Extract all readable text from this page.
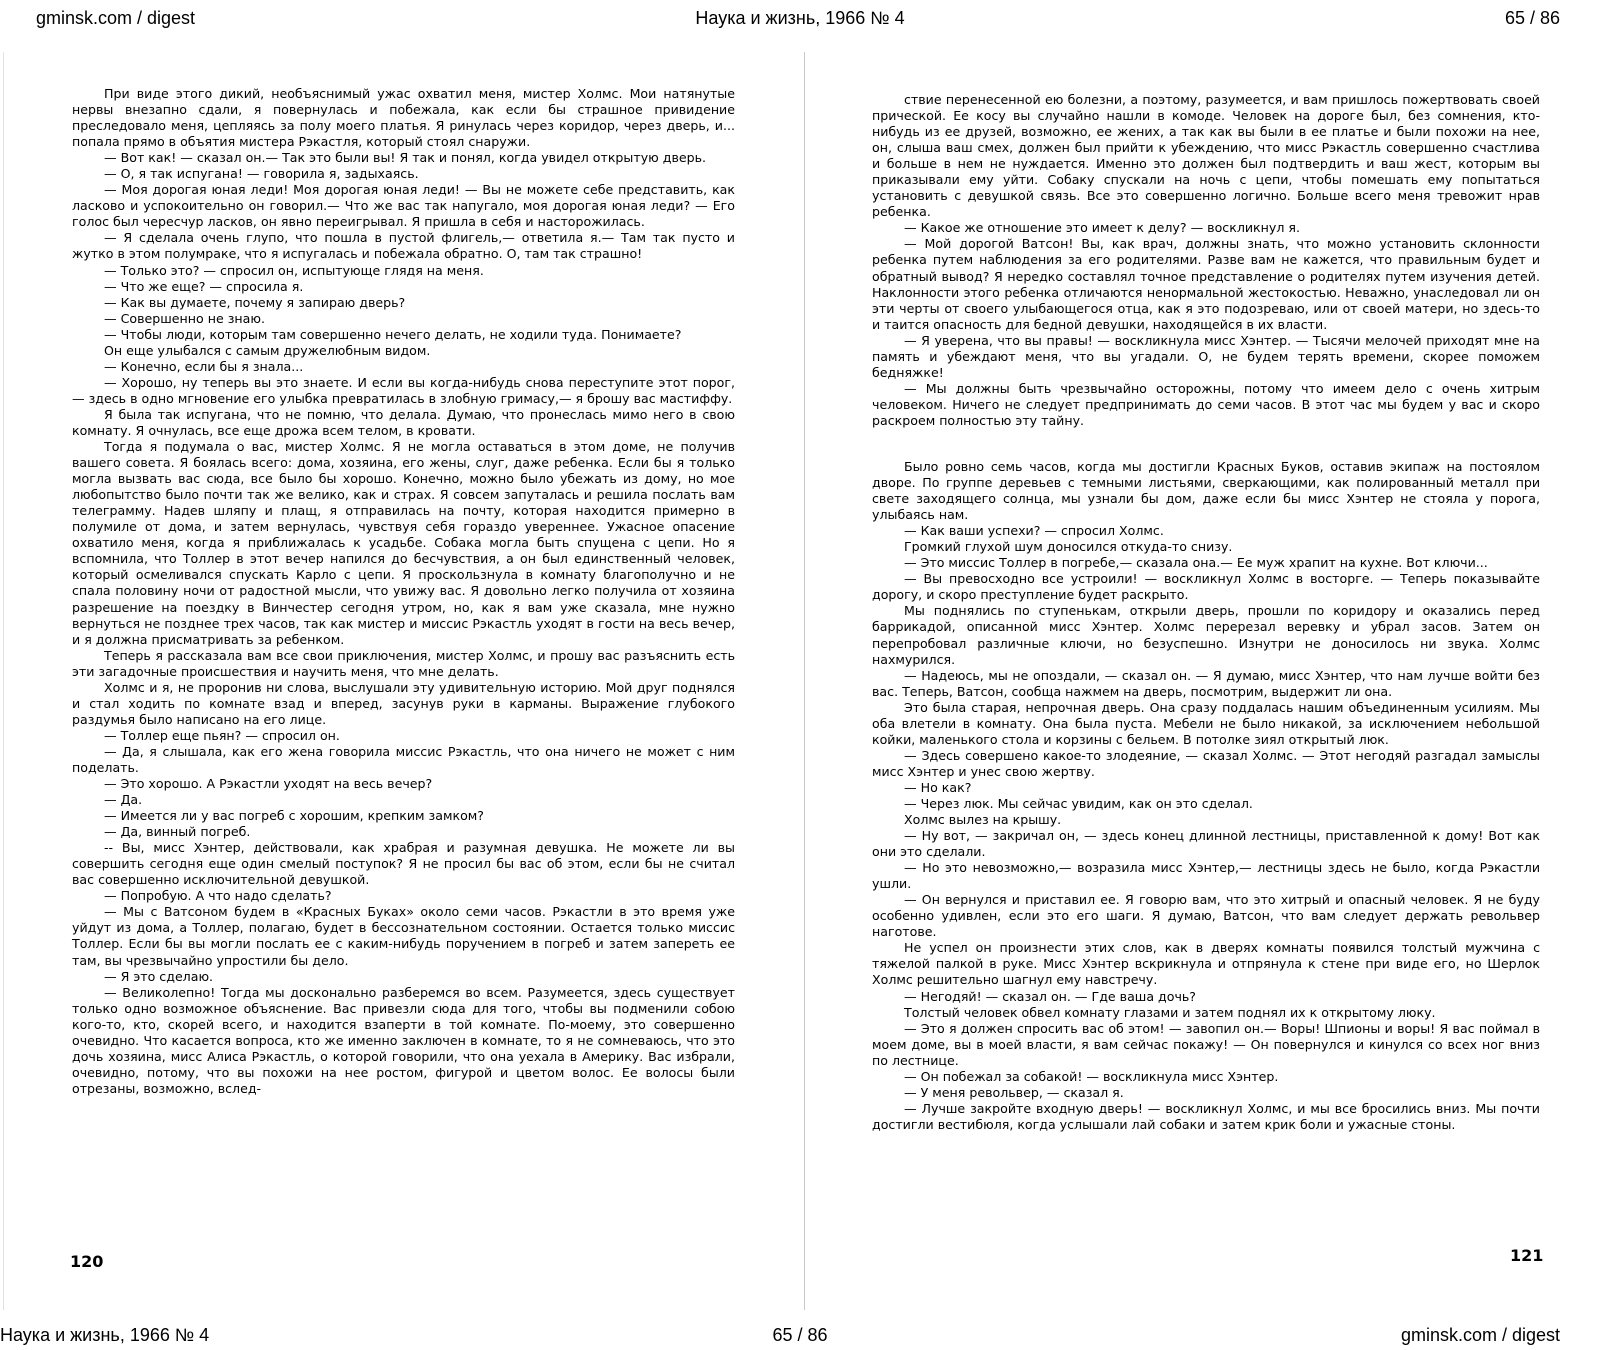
gminsk.com / digest	Наука и жизнь, 1966 № 4	65 / 86

При виде этого дикий, необъяснимый ужас охватил меня, мистер Холмс. Мои натянутые нервы внезапно сдали, я повернулась и побежала, как если бы страшное привидение преследовало меня, цепляясь за полу моего платья. Я ринулась через коридор, через дверь, и... попала прямо в объятия мистера Рэкастля, который стоял снаружи.

— Вот как! — сказал он.— Так это были вы! Я так и понял, когда увидел открытую дверь.

— О, я так испугана! — говорила я, задыхаясь.

— Моя дорогая юная леди! Моя дорогая юная леди! — Вы не можете себе представить, как ласково и успокоительно он говорил.— Что же вас так напугало, моя дорогая юная леди? — Его голос был чересчур ласков, он явно переигрывал. Я пришла в себя и насторожилась.

— Я сделала очень глупо, что пошла в пустой флигель,— ответила я.— Там так пусто и жутко в этом полумраке, что я испугалась и побежала обратно. О, там так страшно!

— Только это? — спросил он, испытующе глядя на меня.

— Что же еще? — спросила я.

— Как вы думаете, почему я запираю дверь?

— Совершенно не знаю.

— Чтобы люди, которым там совершенно нечего делать, не ходили туда. Понимаете?

Он еще улыбался с самым дружелюбным видом.

— Конечно, если бы я знала...

— Хорошо, ну теперь вы это знаете. И если вы когда-нибудь снова переступите этот порог, — здесь в одно мгновение его улыбка превратилась в злобную гримасу,— я брошу вас мастиффу.

Я была так испугана, что не помню, что делала. Думаю, что пронеслась мимо него в свою комнату. Я очнулась, все еще дрожа всем телом, в кровати.

Тогда я подумала о вас, мистер Холмс. Я не могла оставаться в этом доме, не получив вашего совета. Я боялась всего: дома, хозяина, его жены, слуг, даже ребенка. Если бы я только могла вызвать вас сюда, все было бы хорошо. Конечно, можно было убежать из дому, но мое любопытство было почти так же велико, как и страх. Я совсем запуталась и решила послать вам телеграмму. Надев шляпу и плащ, я отправилась на почту, которая находится примерно в полумиле от дома, и затем вернулась, чувствуя себя гораздо увереннее. Ужасное опасение охватило меня, когда я приближалась к усадьбе. Собака могла быть спущена с цепи. Но я вспомнила, что Толлер в этот вечер напился до бесчувствия, а он был единственный человек, который осмеливался спускать Карло с цепи. Я проскользнула в комнату благополучно и не спала половину ночи от радостной мысли, что увижу вас. Я довольно легко получила от хозяина разрешение на поездку в Винчестер сегодня утром, но, как я вам уже сказала, мне нужно вернуться не позднее трех часов, так как мистер и миссис Рэкастль уходят в гости на весь вечер, и я должна присматривать за ребенком.

Теперь я рассказала вам все свои приключения, мистер Холмс, и прошу вас разъяснить есть эти загадочные происшествия и научить меня, что мне делать.

Холмс и я, не проронив ни слова, выслушали эту удивительную историю. Мой друг поднялся и стал ходить по комнате взад и вперед, засунув руки в карманы. Выражение глубокого раздумья было написано на его лице.

— Толлер еще пьян? — спросил он.

— Да, я слышала, как его жена говорила миссис Рэкастль, что она ничего не может с ним поделать.

— Это хорошо. А Рэкастли уходят на весь вечер?

— Да.

— Имеется ли у вас погреб с хорошим, крепким замком?

— Да, винный погреб.

-- Вы, мисс Хэнтер, действовали, как храбрая и разумная девушка. Не можете ли вы совершить сегодня еще один смелый поступок? Я не просил бы вас об этом, если бы не считал вас совершенно исключительной девушкой.

— Попробую. А что надо сделать?

— Мы с Ватсоном будем в «Красных Буках» около семи часов. Рэкастли в это время уже уйдут из дома, а Толлер, полагаю, будет в бессознательном состоянии. Остается только миссис Толлер. Если бы вы могли послать ее с каким-нибудь поручением в погреб и затем запереть ее там, вы чрезвычайно упростили бы дело.

— Я это сделаю.

— Великолепно! Тогда мы досконально разберемся во всем. Разумеется, здесь существует только одно возможное объяснение. Вас привезли сюда для того, чтобы вы подменили собою кого-то, кто, скорей всего, и находится взаперти в той комнате. По-моему, это совершенно очевидно. Что касается вопроса, кто же именно заключен в комнате, то я не сомневаюсь, что это дочь хозяина, мисс Алиса Рэкастль, о которой говорили, что она уехала в Америку. Вас избрали, очевидно, потому, что вы похожи на нее ростом, фигурой и цветом волос. Ее волосы были отрезаны, возможно, вслед-

120

ствие перенесенной ею болезни, а поэтому, разумеется, и вам пришлось пожертвовать своей прической. Ее косу вы случайно нашли в комоде. Человек на дороге был, без сомнения, кто-нибудь из ее друзей, возможно, ее жених, а так как вы были в ее платье и были похожи на нее, он, слыша ваш смех, должен был прийти к убеждению, что мисс Рэкастль совершенно счастлива и больше в нем не нуждается. Именно это должен был подтвердить и ваш жест, которым вы приказывали ему уйти. Собаку спускали на ночь с цепи, чтобы помешать ему попытаться установить с девушкой связь. Все это совершенно логично. Больше всего меня тревожит нрав ребенка.

— Какое же отношение это имеет к делу? — воскликнул я.

— Мой дорогой Ватсон! Вы, как врач, должны знать, что можно установить склонности ребенка путем наблюдения за его родителями. Разве вам не кажется, что правильным будет и обратный вывод? Я нередко составлял точное представление о родителях путем изучения детей. Наклонности этого ребенка отличаются ненормальной жестокостью. Неважно, унаследовал ли он эти черты от своего улыбающегося отца, как я это подозреваю, или от своей матери, но здесь-то и таится опасность для бедной девушки, находящейся в их власти.

— Я уверена, что вы правы! — воскликнула мисс Хэнтер. — Тысячи мелочей приходят мне на память и убеждают меня, что вы угадали. О, не будем терять времени, скорее поможем бедняжке!

— Мы должны быть чрезвычайно осторожны, потому что имеем дело с очень хитрым человеком. Ничего не следует предпринимать до семи часов. В этот час мы будем у вас и скоро раскроем полностью эту тайну.

Было ровно семь часов, когда мы достигли Красных Буков, оставив экипаж на постоялом дворе. По группе деревьев с темными листьями, сверкающими, как полированный металл при свете заходящего солнца, мы узнали бы дом, даже если бы мисс Хэнтер не стояла у порога, улыбаясь нам.

— Как ваши успехи? — спросил Холмс.

Громкий глухой шум доносился откуда-то снизу.

— Это миссис Толлер в погребе,— сказала она.— Ее муж храпит на кухне. Вот ключи...

— Вы превосходно все устроили! — воскликнул Холмс в восторге. — Теперь показывайте дорогу, и скоро преступление будет раскрыто.

Мы поднялись по ступенькам, открыли дверь, прошли по коридору и оказались перед баррикадой, описанной мисс Хэнтер. Холмс перерезал веревку и убрал засов. Затем он перепробовал различные ключи, но безуспешно. Изнутри не доносилось ни звука. Холмс нахмурился.

— Надеюсь, мы не опоздали, — сказал он. — Я думаю, мисс Хэнтер, что нам лучше войти без вас. Теперь, Ватсон, сообща нажмем на дверь, посмотрим, выдержит ли она.

Это была старая, непрочная дверь. Она сразу поддалась нашим объединенным усилиям. Мы оба влетели в комнату. Она была пуста. Мебели не было никакой, за исключением небольшой койки, маленького стола и корзины с бельем. В потолке зиял открытый люк.

— Здесь совершено какое-то злодеяние, — сказал Холмс. — Этот негодяй разгадал замыслы мисс Хэнтер и унес свою жертву.

— Но как?

— Через люк. Мы сейчас увидим, как он это сделал.

Холмс вылез на крышу.

— Ну вот, — закричал он, — здесь конец длинной лестницы, приставленной к дому! Вот как они это сделали.

— Но это невозможно,— возразила мисс Хэнтер,— лестницы здесь не было, когда Рэкастли ушли.

— Он вернулся и приставил ее. Я говорю вам, что это хитрый и опасный человек. Я не буду особенно удивлен, если это его шаги. Я думаю, Ватсон, что вам следует держать револьвер наготове.

Не успел он произнести этих слов, как в дверях комнаты появился толстый мужчина с тяжелой палкой в руке. Мисс Хэнтер вскрикнула и отпрянула к стене при виде его, но Шерлок Холмс решительно шагнул ему навстречу.

— Негодяй! — сказал он. — Где ваша дочь?

Толстый человек обвел комнату глазами и затем поднял их к открытому люку.

— Это я должен спросить вас об этом! — завопил он.— Воры! Шпионы и воры! Я вас поймал в моем доме, вы в моей власти, я вам сейчас покажу! — Он повернулся и кинулся со всех ног вниз по лестнице.

— Он побежал за собакой! — воскликнула мисс Хэнтер.

— У меня револьвер, — сказал я.

— Лучше закройте входную дверь! — воскликнул Холмс, и мы все бросились вниз. Мы почти достигли вестибюля, когда услышали лай собаки и затем крик боли и ужасные стоны.

121
Наука и жизнь, 1966 № 4	65 / 86	gminsk.com / digest
